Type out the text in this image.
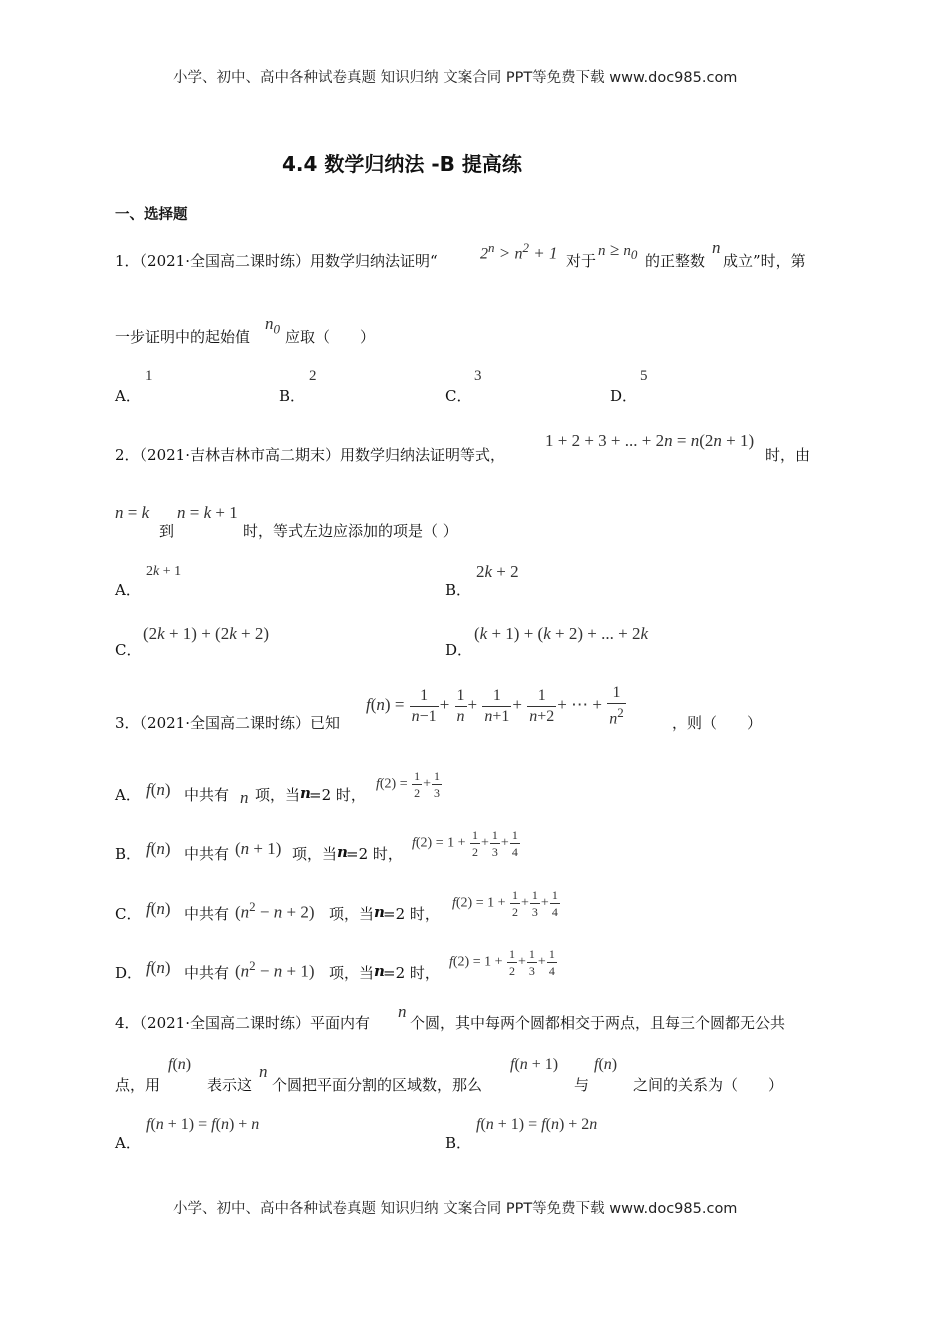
小学、初中、高中各种试卷真题 知识归纳 文案合同 PPT等免费下载 www.doc985.com
4.4 数学归纳法 -B 提高练
一、选择题
1．（2021·全国高二课时练）用数学归纳法证明“	$2^n > n^2 + 1$ 对于
$n \ge n_0$ 的正整数
n
成立”时，第
一步证明中的起始值
$n_0$ 应取（　　）
A．
1
B．
2
C．
3
D．
5
2．（2021·吉林吉林市高二期末）用数学归纳法证明等式，
1 + 2 + 3 + ... + 2n = n(2n + 1)
时，由
n = k
到
n = k + 1
时，等式左边应添加的项是（ ）
A．
2k + 1
B．
2k + 2
C．
(2k + 1) + (2k + 2)
D．
(k + 1) + (k + 2) + ... + 2k
3．（2021·全国高二课时练）已知
$f(n) = \frac{1}{n-1} + \frac{1}{n} + \frac{1}{n+1} + \frac{1}{n+2}$ + ⋯ + $\frac{1}{n^2}$	，则（　　）
A． f(n) 中共有 n 项，当 n
=2 时，
$f(2) = \frac{1}{2} + \frac{1}{3}$
B． f(n) 中共有 (n + 1) 项，当 n
=2 时，
$f(2) = 1 + \frac{1}{2} + \frac{1}{3} + \frac{1}{4}$
C． f(n) 中共有 $(n^2 - n + 2)$ 项，当 n
=2 时，
$f(2) = 1 + \frac{1}{2} + \frac{1}{3} + \frac{1}{4}$
D． f(n) 中共有 $(n^2 - n + 1)$ 项，当 n
=2 时，
$f(2) = 1 + \frac{1}{2} + \frac{1}{3} + \frac{1}{4}$
4．（2021·全国高二课时练）平面内有
n
个圆，其中每两个圆都相交于两点，且每三个圆都无公共
点，用
f(n)
表示这
n
个圆把平面分割的区域数，那么
f(n + 1)
与
f(n)
之间的关系为（　　）
A．
f(n + 1) = f(n) + n
B．
f(n + 1) = f(n) + 2n
小学、初中、高中各种试卷真题 知识归纳 文案合同 PPT等免费下载 www.doc985.com
